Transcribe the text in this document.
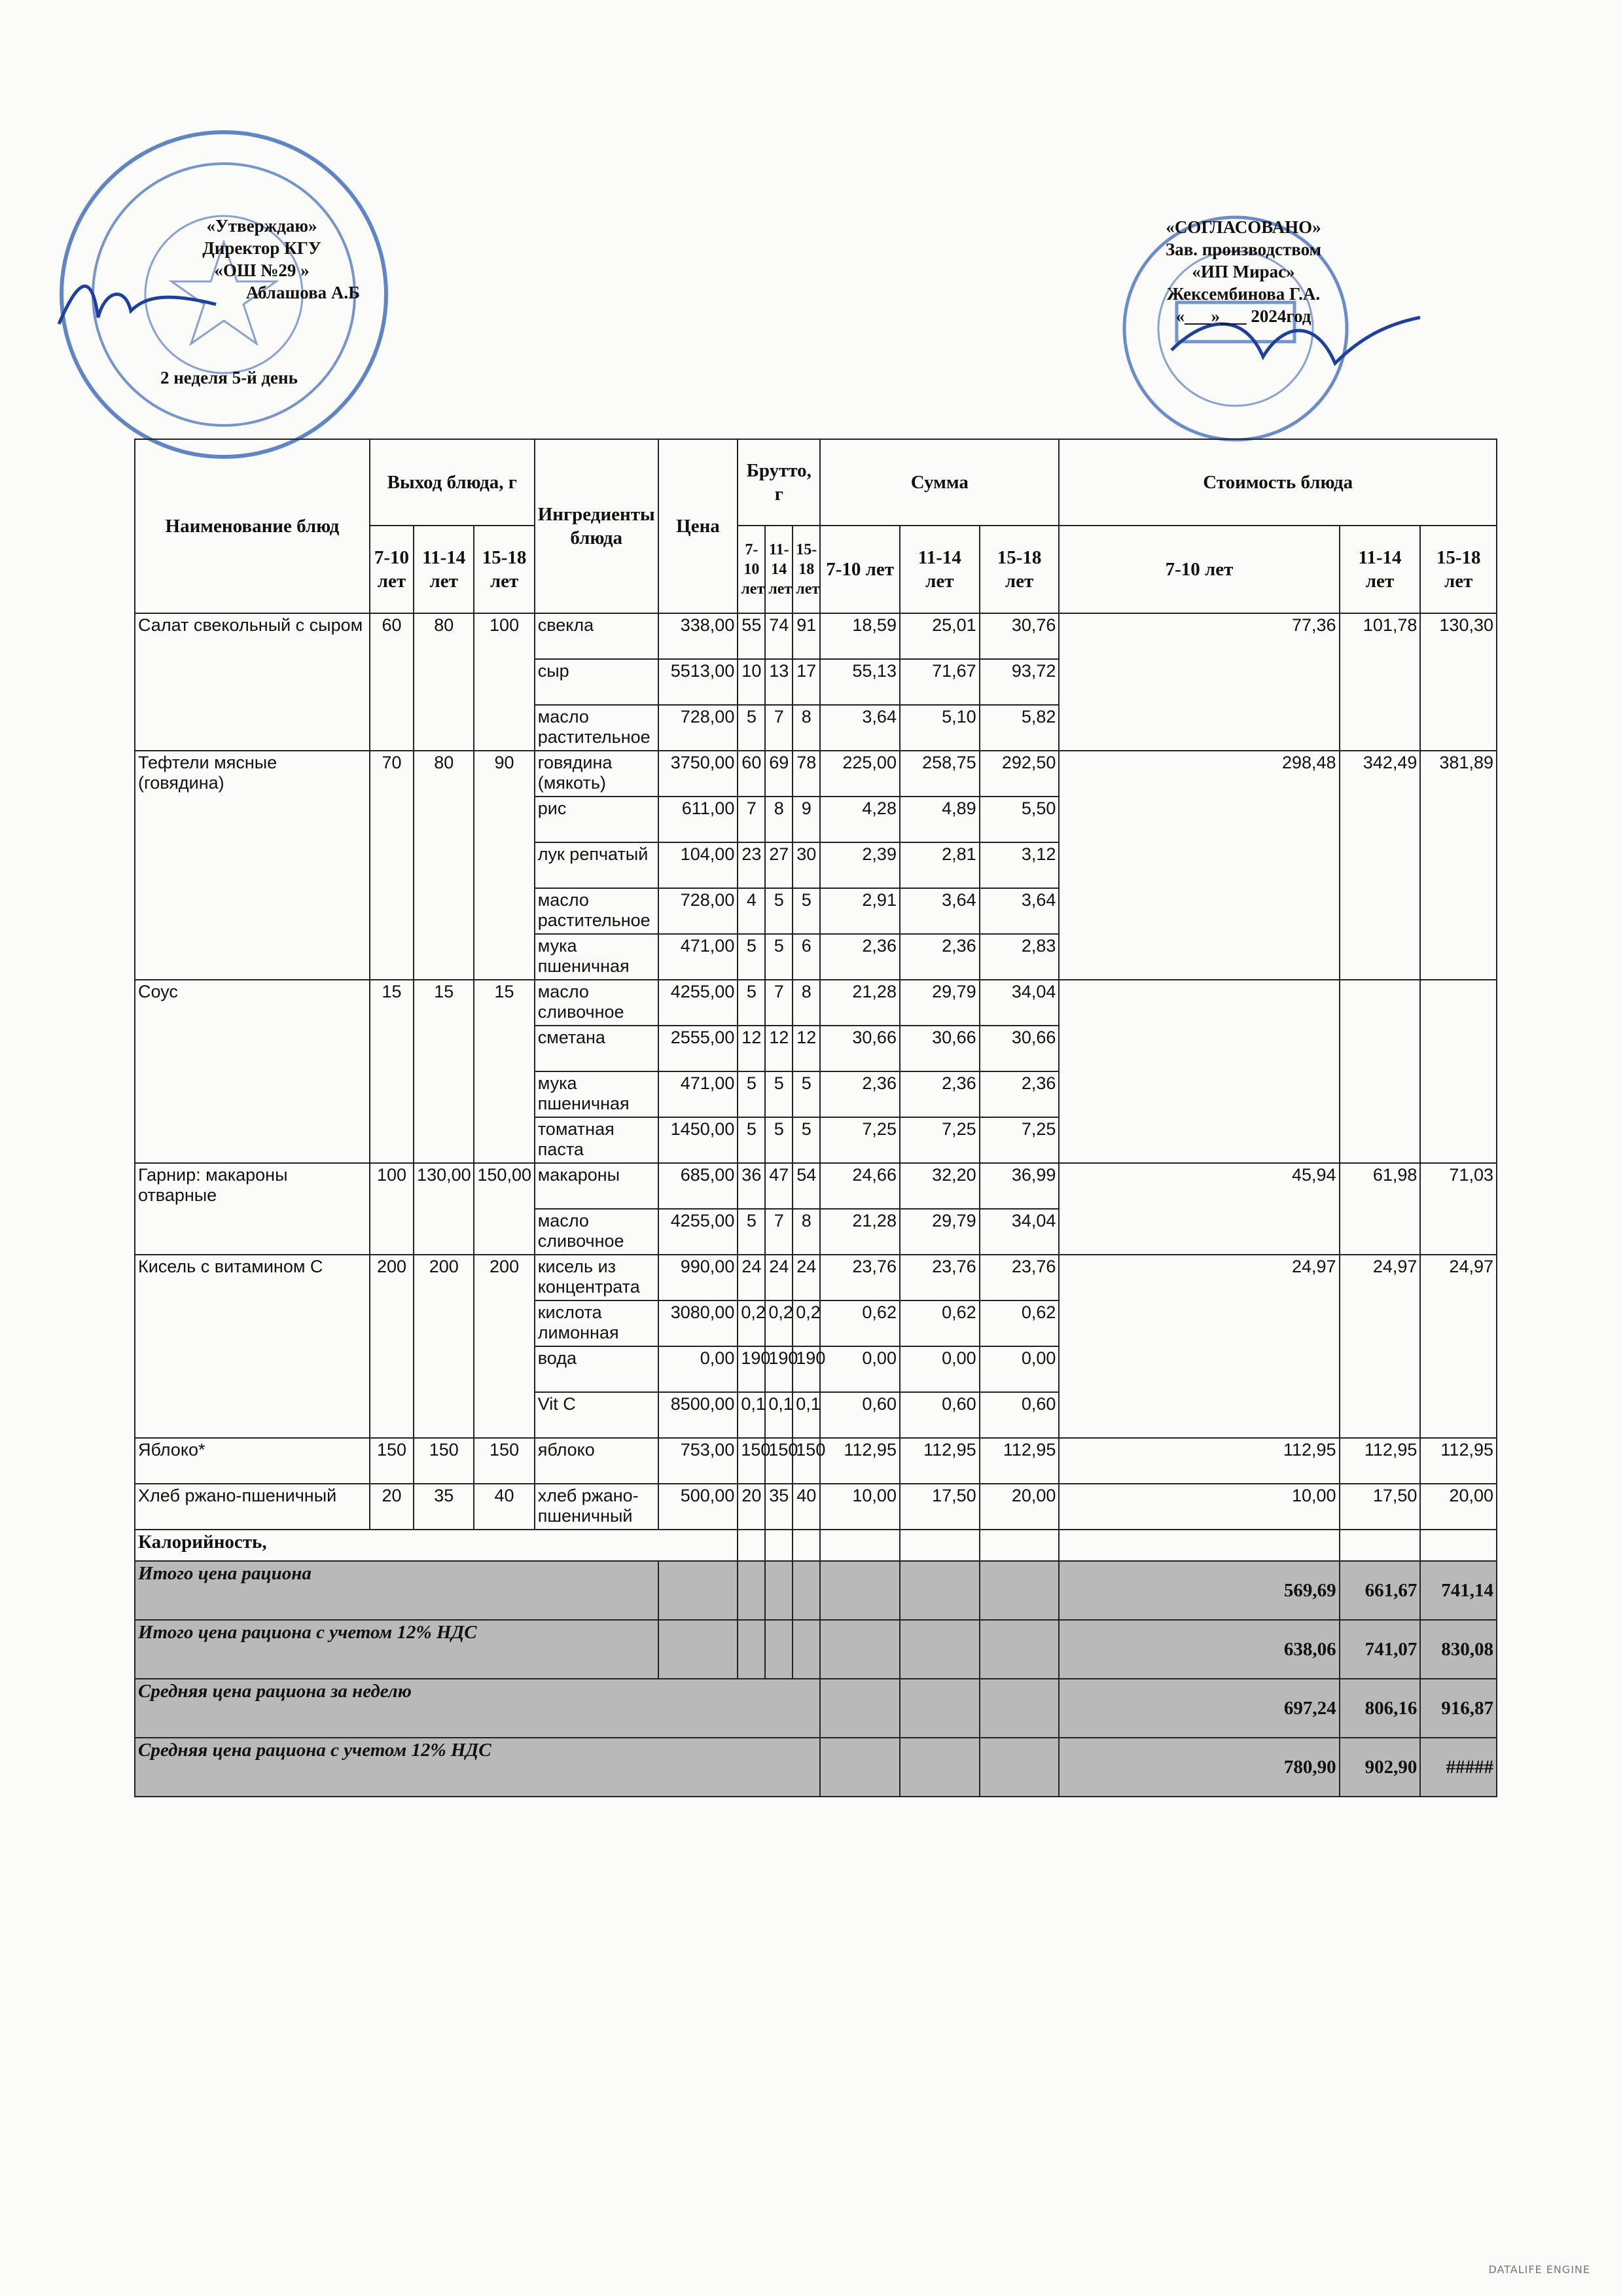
«Утверждаю»
Директор КГУ
«ОШ №29 »
Аблашова А.Б
«СОГЛАСОВАНО»
Зав. производством
«ИП Мирас»
Жексембинова Г.А.
«___»___ 2024год
2 неделя 5-й день
Наименование блюд	Выход блюда, г			Ингредиенты блюда	Цена	Брутто, г			Сумма			Стоимость блюда		
	7-10 лет	11-14 лет	15-18 лет			7-10 лет	11-14 лет	15-18 лет	7-10 лет	11-14 лет	15-18 лет	7-10 лет	11-14 лет	15-18 лет
Салат свекольный с сыром	60	80	100	свекла	338,00	55	74	91	18,59	25,01	30,76	77,36	101,78	130,30
				сыр	5513,00	10	13	17	55,13	71,67	93,72			
				масло растительное	728,00	5	7	8	3,64	5,10	5,82			
Тефтели мясные (говядина)	70	80	90	говядина (мякоть)	3750,00	60	69	78	225,00	258,75	292,50	298,48	342,49	381,89
				рис	611,00	7	8	9	4,28	4,89	5,50			
				лук репчатый	104,00	23	27	30	2,39	2,81	3,12			
				масло растительное	728,00	4	5	5	2,91	3,64	3,64			
				мука пшеничная	471,00	5	5	6	2,36	2,36	2,83			
Соус	15	15	15	масло сливочное	4255,00	5	7	8	21,28	29,79	34,04			
				сметана	2555,00	12	12	12	30,66	30,66	30,66			
				мука пшеничная	471,00	5	5	5	2,36	2,36	2,36			
				томатная паста	1450,00	5	5	5	7,25	7,25	7,25			
Гарнир: макароны отварные	100	130,00	150,00	макароны	685,00	36	47	54	24,66	32,20	36,99	45,94	61,98	71,03
				масло сливочное	4255,00	5	7	8	21,28	29,79	34,04			
Кисель с витамином С	200	200	200	кисель из концентрата	990,00	24	24	24	23,76	23,76	23,76	24,97	24,97	24,97
				кислота лимонная	3080,00	0,2	0,2	0,2	0,62	0,62	0,62			
				вода	0,00	190	190	190	0,00	0,00	0,00			
				Vit C	8500,00	0,1	0,1	0,1	0,60	0,60	0,60			
Яблоко*	150	150	150	яблоко	753,00	150	150	150	112,95	112,95	112,95	112,95	112,95	112,95
Хлеб ржано-пшеничный	20	35	40	хлеб ржано-пшеничный	500,00	20	35	40	10,00	17,50	20,00	10,00	17,50	20,00
Калорийность,														
Итого цена рациона												569,69	661,67	741,14
Итого цена рациона с учетом 12% НДС												638,06	741,07	830,08
Средняя цена рациона за неделю												697,24	806,16	916,87
Средняя цена рациона с учетом 12% НДС												780,90	902,90	#####
DATALIFE ENGINE
